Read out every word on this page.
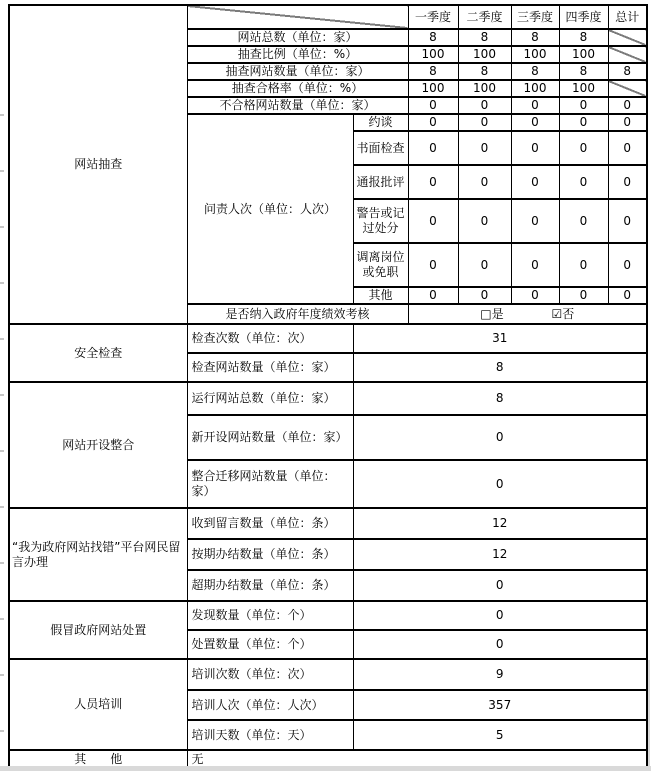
网站抽查			一季度	二季度	三季度	四季度	总计
	网站总数（单位：家）		8	8	8	8	
	抽查比例（单位：%）		100	100	100	100	
	抽查网站数量（单位：家）		8	8	8	8	8
	抽查合格率（单位：%）		100	100	100	100	
	不合格网站数量（单位：家）		0	0	0	0	0
	问责人次（单位：人次）	约谈	0	0	0	0	0
		书面检查	0	0	0	0	0
		通报批评	0	0	0	0	0
		警告或记过处分	0	0	0	0	0
		调离岗位或免职	0	0	0	0	0
		其他	0	0	0	0	0
	是否纳入政府年度绩效考核		□是 ☑否				
安全检查	检查次数（单位：次）	31					
	检查网站数量（单位：家）	8					
网站开设整合	运行网站总数（单位：家）	8					
	新开设网站数量（单位：家）	0					
	整合迁移网站数量（单位：家）	0					
“我为政府网站找错”平台网民留言办理	收到留言数量（单位：条）	12					
	按期办结数量（单位：条）	12					
	超期办结数量（单位：条）	0					
假冒政府网站处置	发现数量（单位：个）	0					
	处置数量（单位：个）	0					
人员培训	培训次数（单位：次）	9					
	培训人次（单位：人次）	357					
	培训天数（单位：天）	5					
其　　他	无						
